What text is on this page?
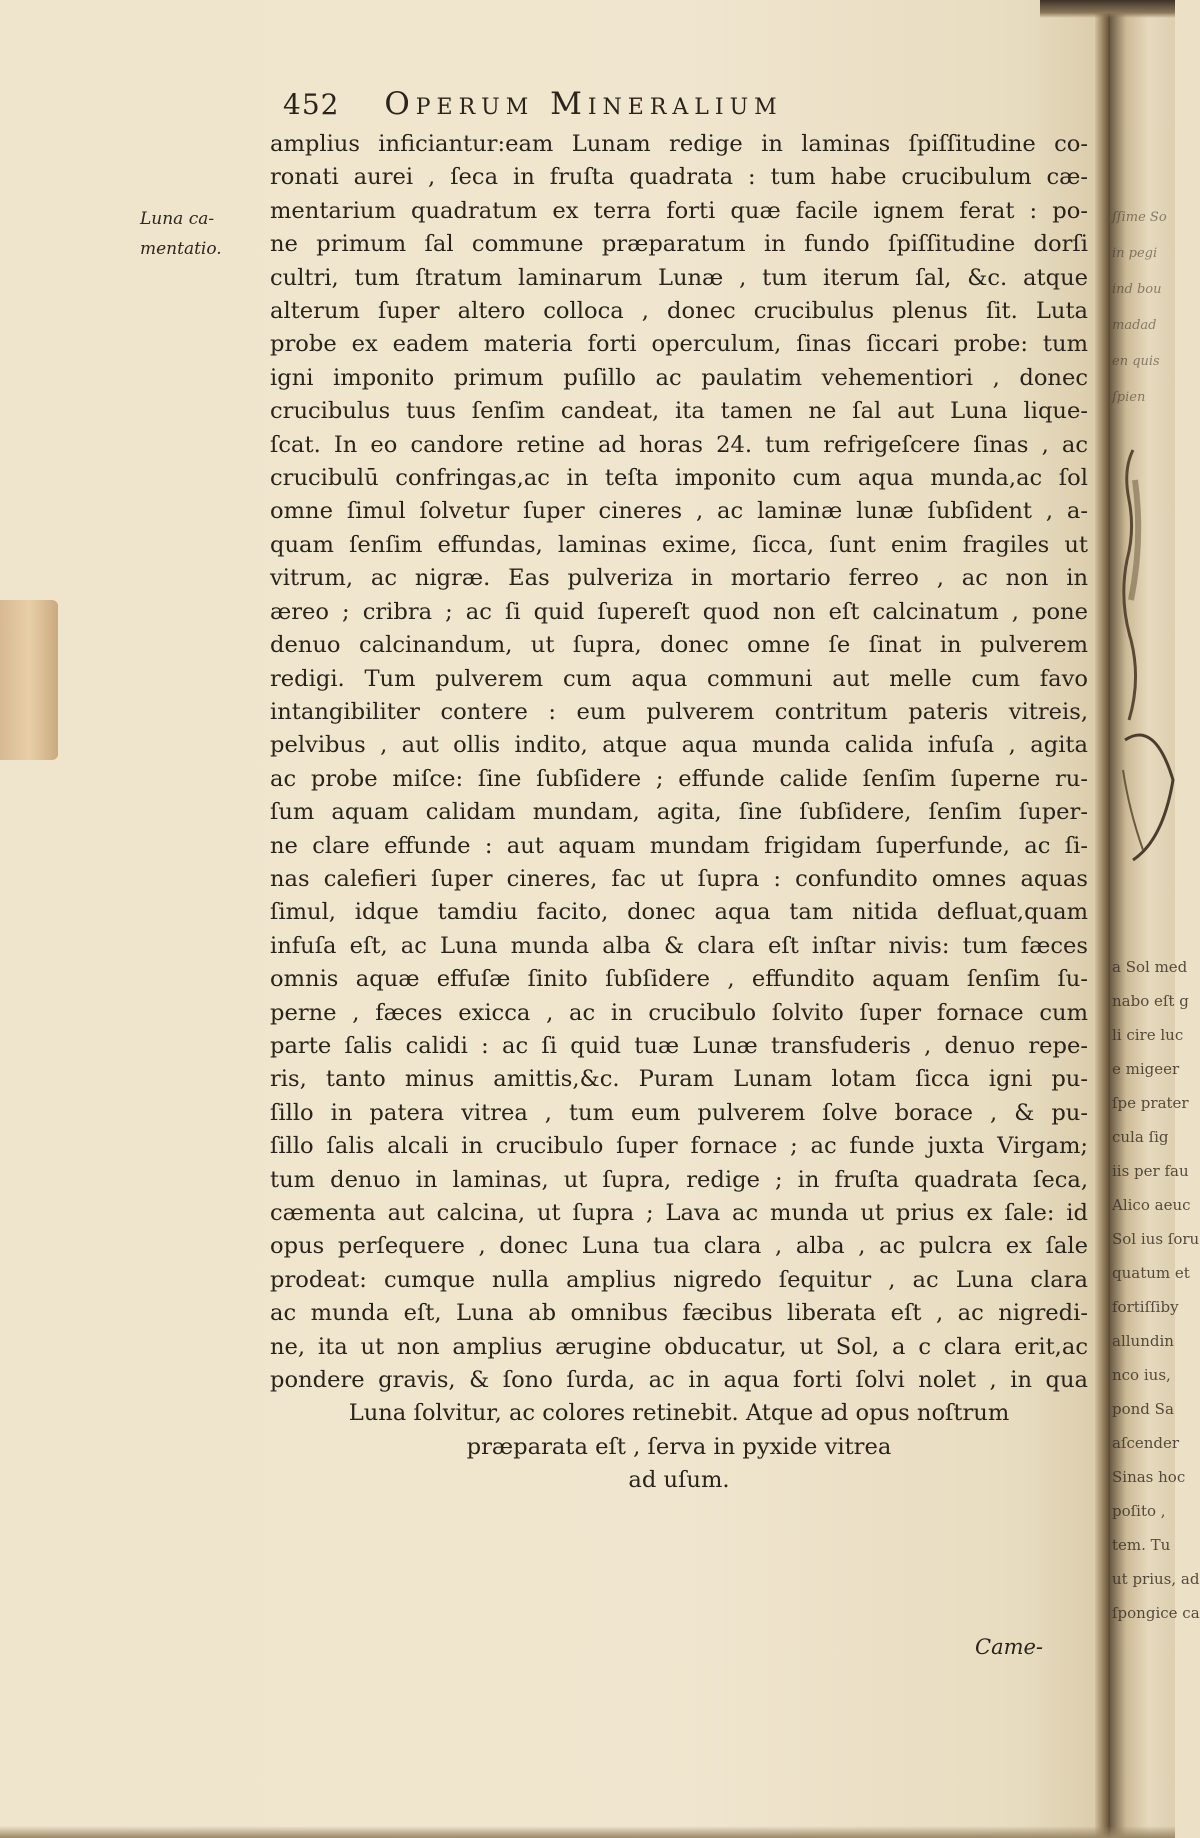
452 Operum Mineralium
Luna ca-
mentatio.
amplius inficiantur:eam Lunam redige in laminas ſpiſſitudine co-
ronati aurei , ſeca in fruſta quadrata : tum habe crucibulum cæ-
mentarium quadratum ex terra forti quæ facile ignem ferat : po-
ne primum ſal commune præparatum in fundo ſpiſſitudine dorſi
cultri, tum ſtratum laminarum Lunæ , tum iterum ſal, &c. atque
alterum ſuper altero colloca , donec crucibulus plenus ſit. Luta
probe ex eadem materia forti operculum, ſinas ſiccari probe: tum
igni imponito primum puſillo ac paulatim vehementiori , donec
crucibulus tuus ſenſim candeat, ita tamen ne ſal aut Luna lique-
ſcat. In eo candore retine ad horas 24. tum refrigeſcere ſinas , ac
crucibulū confringas,ac in teſta imponito cum aqua munda,ac ſol
omne ſimul ſolvetur ſuper cineres , ac laminæ lunæ ſubſident , a-
quam ſenſim effundas, laminas exime, ſicca, ſunt enim fragiles ut
vitrum, ac nigræ. Eas pulveriza in mortario ferreo , ac non in
æreo ; cribra ; ac ſi quid ſupereſt quod non eſt calcinatum , pone
denuo calcinandum, ut ſupra, donec omne ſe ſinat in pulverem
redigi. Tum pulverem cum aqua communi aut melle cum favo
intangibiliter contere : eum pulverem contritum pateris vitreis,
pelvibus , aut ollis indito, atque aqua munda calida infuſa , agita
ac probe miſce: ſine ſubſidere ; effunde calide ſenſim ſuperne ru-
ſum aquam calidam mundam, agita, ſine ſubſidere, ſenſim ſuper-
ne clare effunde : aut aquam mundam frigidam ſuperfunde, ac ſi-
nas calefieri ſuper cineres, fac ut ſupra : confundito omnes aquas
ſimul, idque tamdiu facito, donec aqua tam nitida defluat,quam
infuſa eſt, ac Luna munda alba & clara eſt inſtar nivis: tum fæces
omnis aquæ effuſæ ſinito ſubſidere , effundito aquam ſenſim ſu-
perne , fæces exicca , ac in crucibulo ſolvito ſuper fornace cum
parte ſalis calidi : ac ſi quid tuæ Lunæ transfuderis , denuo repe-
ris, tanto minus amittis,&c. Puram Lunam lotam ſicca igni pu-
ſillo in patera vitrea , tum eum pulverem ſolve borace , & pu-
ſillo ſalis alcali in crucibulo ſuper fornace ; ac funde juxta Virgam;
tum denuo in laminas, ut ſupra, redige ; in fruſta quadrata ſeca,
cæmenta aut calcina, ut ſupra ; Lava ac munda ut prius ex ſale: id
opus perſequere , donec Luna tua clara , alba , ac pulcra ex ſale
prodeat: cumque nulla amplius nigredo ſequitur , ac Luna clara
ac munda eſt, Luna ab omnibus fæcibus liberata eſt , ac nigredi-
ne, ita ut non amplius ærugine obducatur, ut Sol, a c clara erit,ac
pondere gravis, & ſono ſurda, ac in aqua forti ſolvi nolet , in qua
Luna ſolvitur, ac colores retinebit. Atque ad opus noſtrum
præparata eſt , ſerva in pyxide vitrea
ad uſum.
Came-
ſſime So
in pegi
ind bou
madad
en quis
ſpien
a Sol med
nabo eſt g
li cire luc
e migeer
ſpe prater
cula ſig
iis per fau
Alico aeuc
Sol ius ſoru
quatum et
fortiſſiby
allundin
nco ius,
pond Sa
aſcender
Sinas hoc
poſito ,
tem. Tu
ut prius, ad
ſpongice ca
